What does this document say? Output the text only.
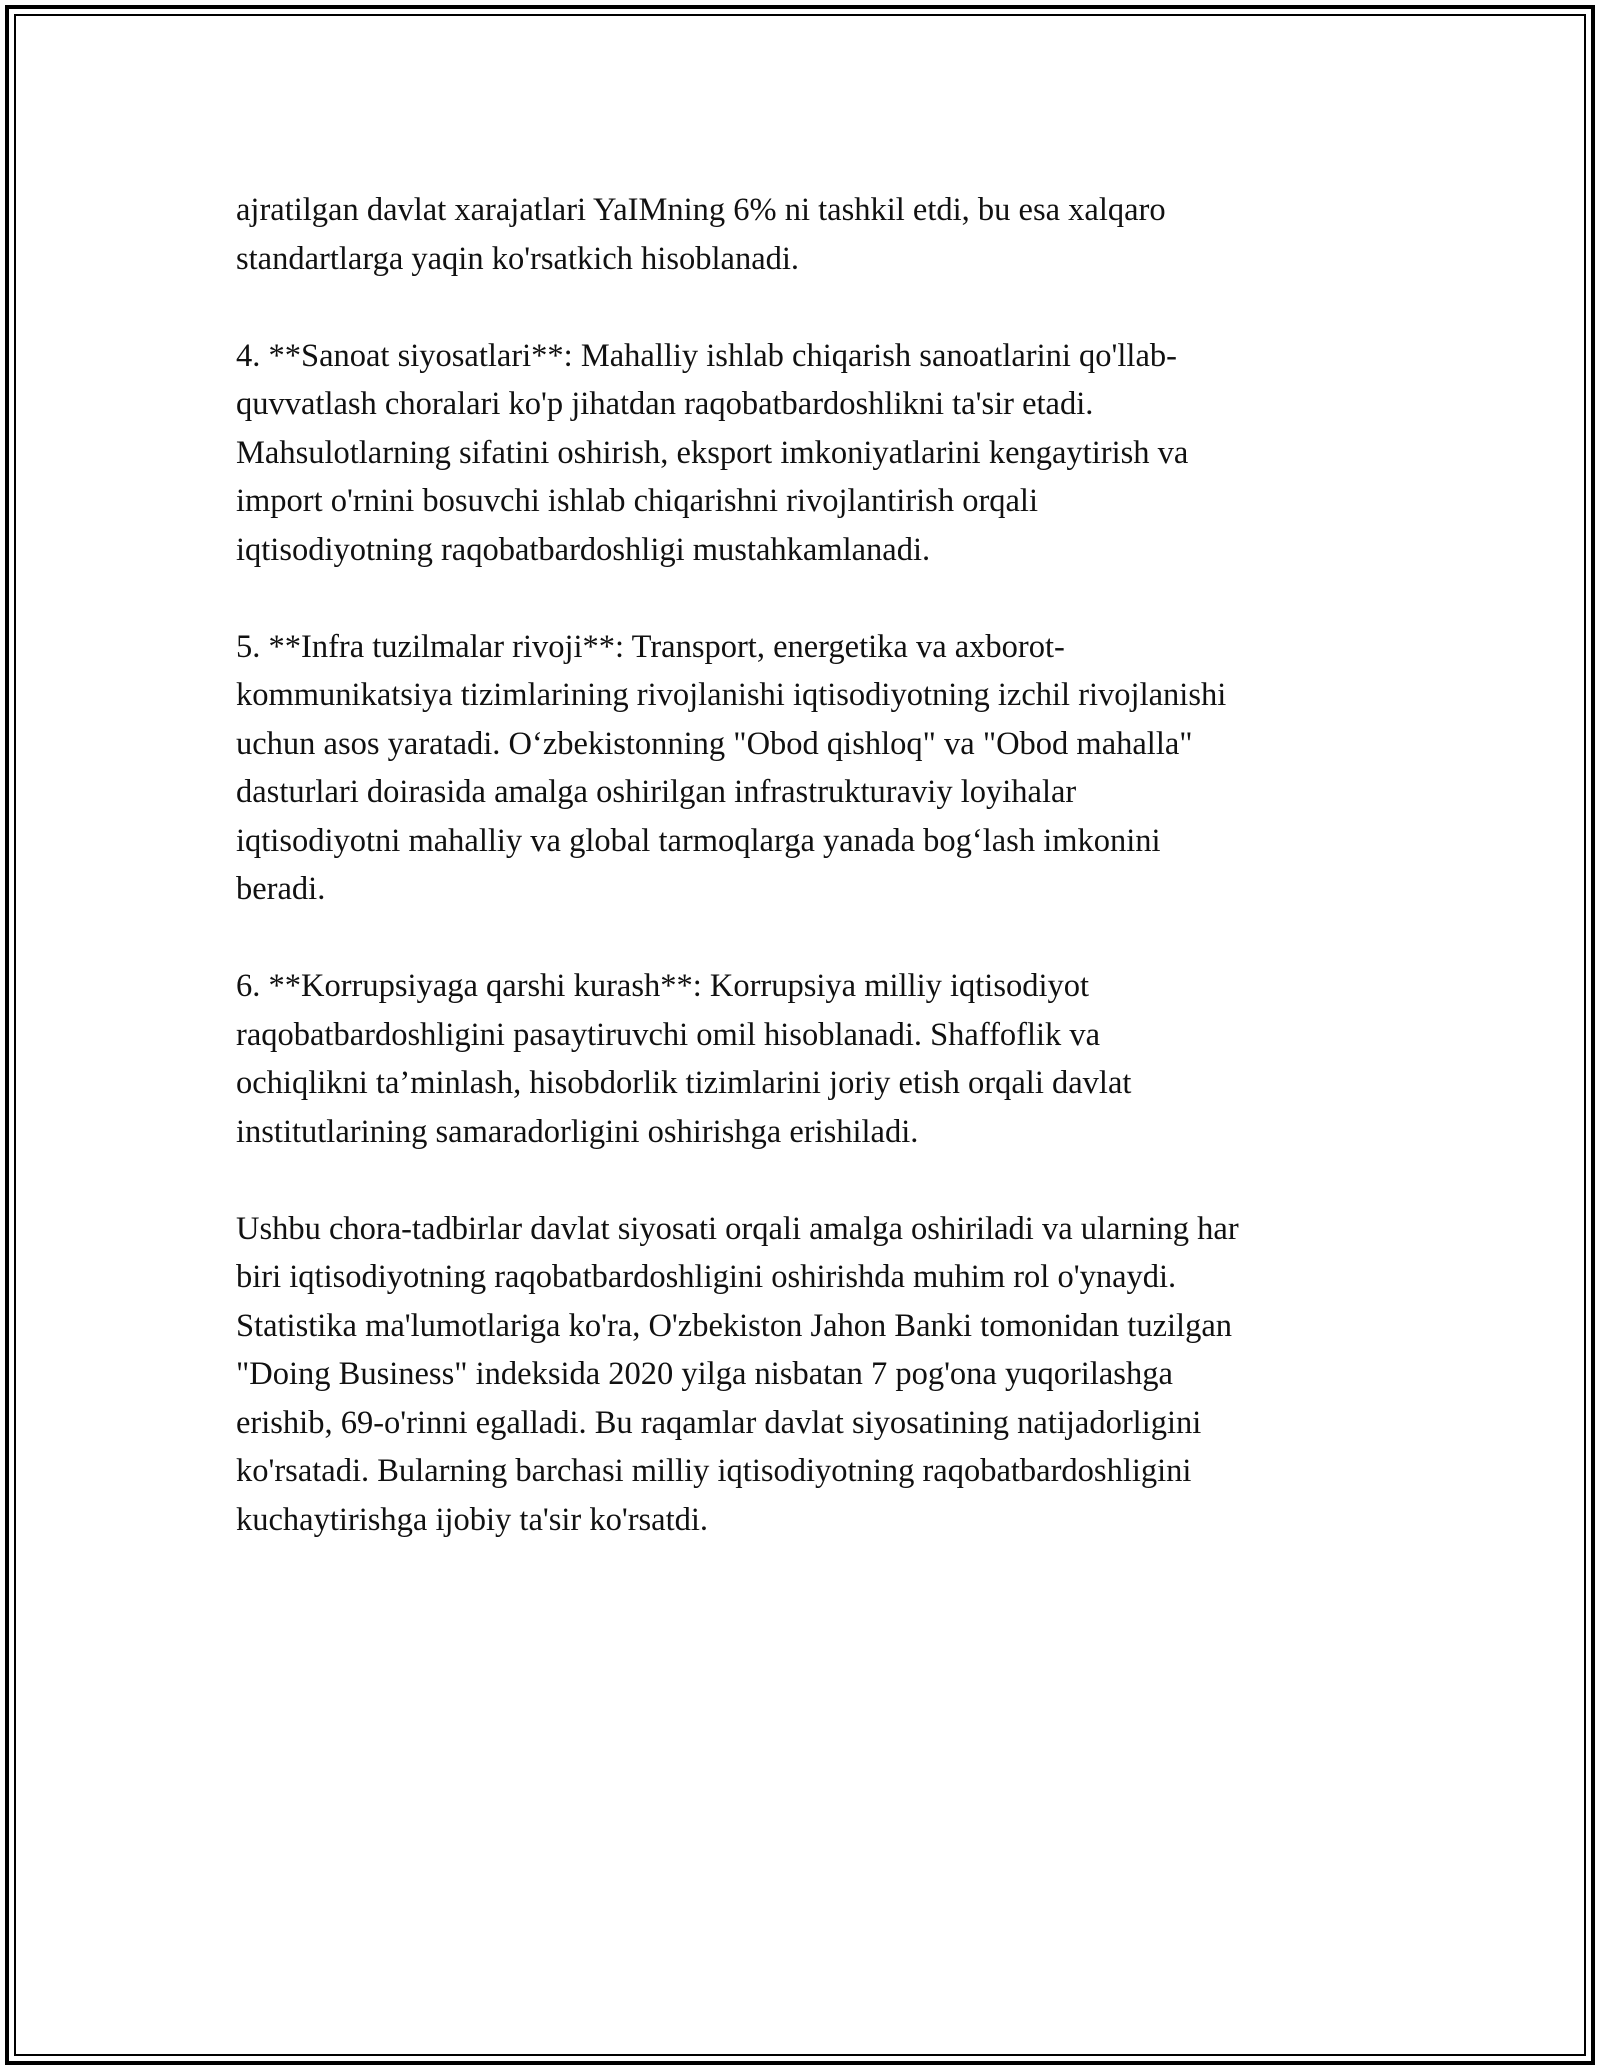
ajratilgan davlat xarajatlari YaIMning 6% ni tashkil etdi, bu esa xalqaro
standartlarga yaqin ko'rsatkich hisoblanadi.

4. **Sanoat siyosatlari**: Mahalliy ishlab chiqarish sanoatlarini qo'llab-
quvvatlash choralari ko'p jihatdan raqobatbardoshlikni ta'sir etadi.
Mahsulotlarning sifatini oshirish, eksport imkoniyatlarini kengaytirish va
import o'rnini bosuvchi ishlab chiqarishni rivojlantirish orqali
iqtisodiyotning raqobatbardoshligi mustahkamlanadi.

5. **Infra tuzilmalar rivoji**: Transport, energetika va axborot-
kommunikatsiya tizimlarining rivojlanishi iqtisodiyotning izchil rivojlanishi
uchun asos yaratadi. O‘zbekistonning "Obod qishloq" va "Obod mahalla"
dasturlari doirasida amalga oshirilgan infrastrukturaviy loyihalar
iqtisodiyotni mahalliy va global tarmoqlarga yanada bog‘lash imkonini
beradi.

6. **Korrupsiyaga qarshi kurash**: Korrupsiya milliy iqtisodiyot
raqobatbardoshligini pasaytiruvchi omil hisoblanadi. Shaffoflik va
ochiqlikni ta’minlash, hisobdorlik tizimlarini joriy etish orqali davlat
institutlarining samaradorligini oshirishga erishiladi.

Ushbu chora-tadbirlar davlat siyosati orqali amalga oshiriladi va ularning har
biri iqtisodiyotning raqobatbardoshligini oshirishda muhim rol o'ynaydi.
Statistika ma'lumotlariga ko'ra, O'zbekiston Jahon Banki tomonidan tuzilgan
"Doing Business" indeksida 2020 yilga nisbatan 7 pog'ona yuqorilashga
erishib, 69-o'rinni egalladi. Bu raqamlar davlat siyosatining natijadorligini
ko'rsatadi. Bularning barchasi milliy iqtisodiyotning raqobatbardoshligini
kuchaytirishga ijobiy ta'sir ko'rsatdi.
